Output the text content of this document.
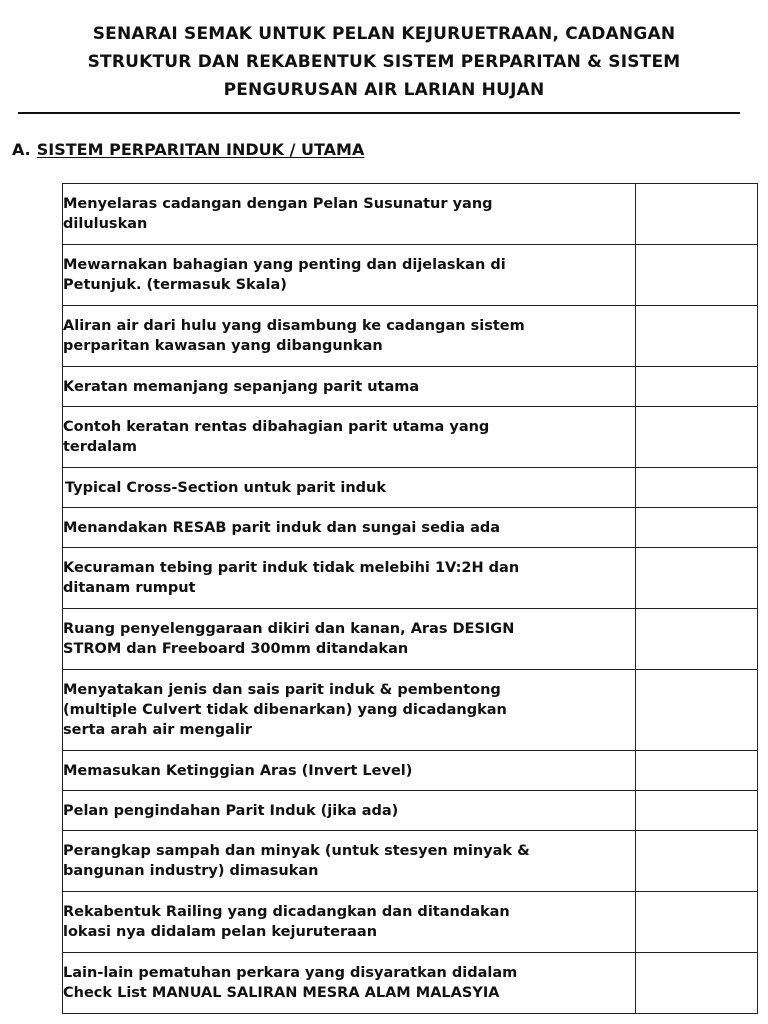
SENARAI SEMAK UNTUK PELAN KEJURUETRAAN, CADANGAN
STRUKTUR DAN REKABENTUK SISTEM PERPARITAN & SISTEM
PENGURUSAN AIR LARIAN HUJAN
A. SISTEM PERPARITAN INDUK / UTAMA
Menyelaras cadangan dengan Pelan Susunatur yang
diluluskan	

Mewarnakan bahagian yang penting dan dijelaskan di
Petunjuk. (termasuk Skala)	

Aliran air dari hulu yang disambung ke cadangan sistem
perparitan kawasan yang dibangunkan	

Keratan memanjang sepanjang parit utama	

Contoh keratan rentas dibahagian parit utama yang
terdalam	

Typical Cross-Section untuk parit induk	

Menandakan RESAB parit induk dan sungai sedia ada	

Kecuraman tebing parit induk tidak melebihi 1V:2H dan
ditanam rumput	

Ruang penyelenggaraan dikiri dan kanan, Aras DESIGN
STROM dan Freeboard 300mm ditandakan	

Menyatakan jenis dan sais parit induk & pembentong
(multiple Culvert tidak dibenarkan) yang dicadangkan
serta arah air mengalir	

Memasukan Ketinggian Aras (Invert Level)	

Pelan pengindahan Parit Induk (jika ada)	

Perangkap sampah dan minyak (untuk stesyen minyak &
bangunan industry) dimasukan	

Rekabentuk Railing yang dicadangkan dan ditandakan
lokasi nya didalam pelan kejuruteraan	

Lain-lain pematuhan perkara yang disyaratkan didalam
Check List MANUAL SALIRAN MESRA ALAM MALASYIA	
